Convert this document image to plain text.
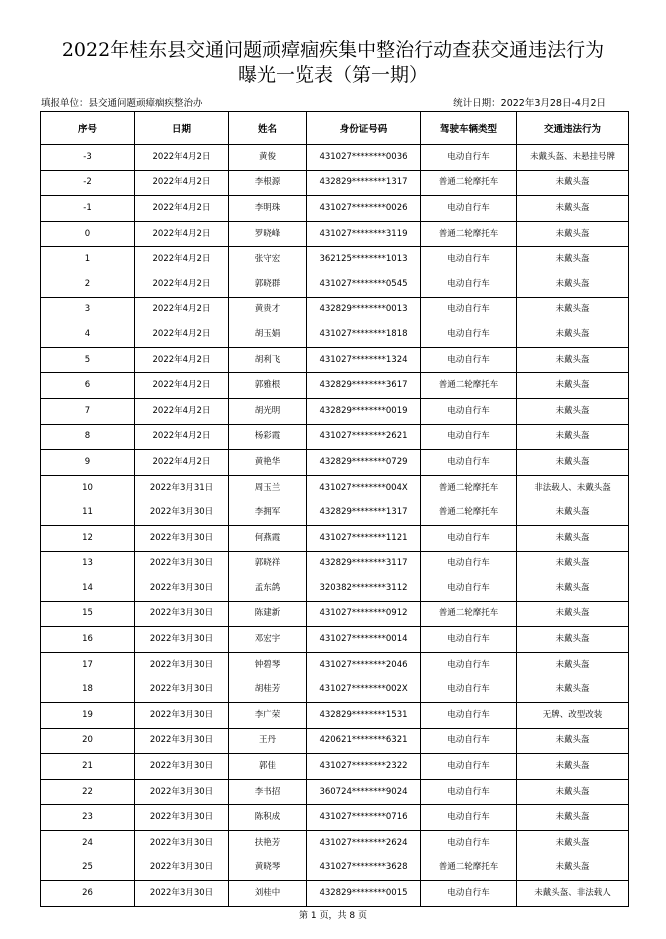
2022年桂东县交通问题顽瘴痼疾集中整治行动查获交通违法行为
曝光一览表（第一期）
填报单位：县交通问题顽瘴痼疾整治办	统计日期：2022年3月28日-4月2日
序号	日期	姓名	身份证号码	驾驶车辆类型	交通违法行为
-3	2022年4月2日	黄俊	431027********0036	电动自行车	未戴头盔、未悬挂号牌
-2	2022年4月2日	李根源	432829********1317	普通二轮摩托车	未戴头盔
-1	2022年4月2日	李明珠	431027********0026	电动自行车	未戴头盔
0	2022年4月2日	罗晓峰	431027********3119	普通二轮摩托车	未戴头盔
1	2022年4月2日	张守宏	362125********1013	电动自行车	未戴头盔
2	2022年4月2日	郭晓群	431027********0545	电动自行车	未戴头盔
3	2022年4月2日	黄贵才	432829********0013	电动自行车	未戴头盔
4	2022年4月2日	胡玉娟	431027********1818	电动自行车	未戴头盔
5	2022年4月2日	胡利飞	431027********1324	电动自行车	未戴头盔
6	2022年4月2日	郭雅根	432829********3617	普通二轮摩托车	未戴头盔
7	2022年4月2日	胡光明	432829********0019	电动自行车	未戴头盔
8	2022年4月2日	杨彩霞	431027********2621	电动自行车	未戴头盔
9	2022年4月2日	黄艳华	432829********0729	电动自行车	未戴头盔
10	2022年3月31日	周玉兰	431027********004X	普通二轮摩托车	非法载人、未戴头盔
11	2022年3月30日	李拥军	432829********1317	普通二轮摩托车	未戴头盔
12	2022年3月30日	何燕霞	431027********1121	电动自行车	未戴头盔
13	2022年3月30日	郭晓祥	432829********3117	电动自行车	未戴头盔
14	2022年3月30日	孟东鸽	320382********3112	电动自行车	未戴头盔
15	2022年3月30日	陈建新	431027********0912	普通二轮摩托车	未戴头盔
16	2022年3月30日	邓宏宇	431027********0014	电动自行车	未戴头盔
17	2022年3月30日	钟碧琴	431027********2046	电动自行车	未戴头盔
18	2022年3月30日	胡桂芳	431027********002X	电动自行车	未戴头盔
19	2022年3月30日	李广荣	432829********1531	电动自行车	无牌、改型改装
20	2022年3月30日	王丹	420621********6321	电动自行车	未戴头盔
21	2022年3月30日	郭佳	431027********2322	电动自行车	未戴头盔
22	2022年3月30日	李书招	360724********9024	电动自行车	未戴头盔
23	2022年3月30日	陈积成	431027********0716	电动自行车	未戴头盔
24	2022年3月30日	扶艳芳	431027********2624	电动自行车	未戴头盔
25	2022年3月30日	黄晓琴	431027********3628	普通二轮摩托车	未戴头盔
26	2022年3月30日	刘桂中	432829********0015	电动自行车	未戴头盔、非法载人
第 1 页，共 8 页
